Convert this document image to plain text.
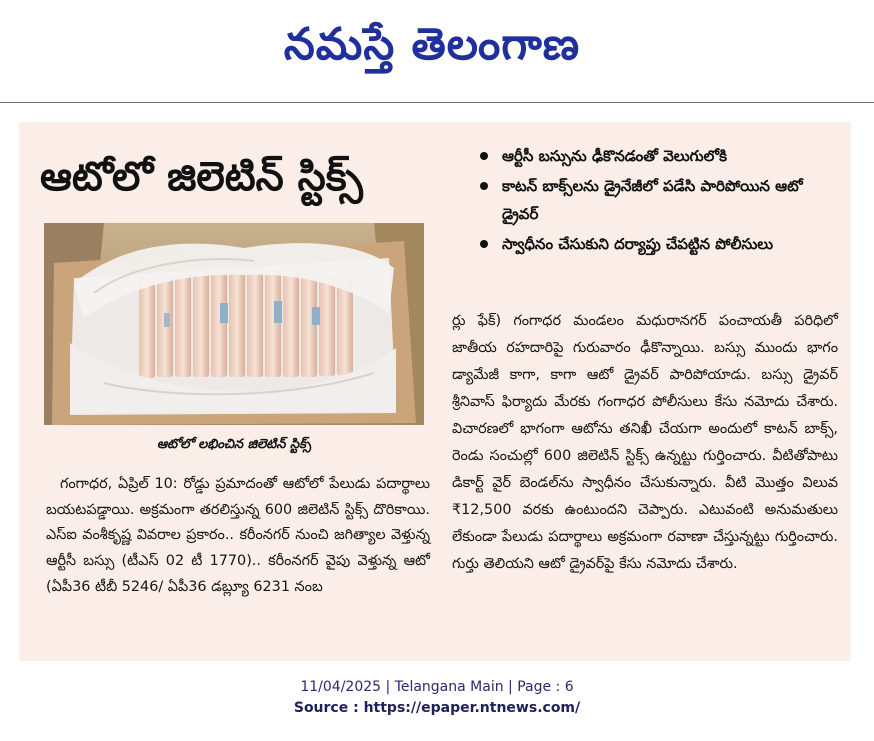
నమస్తే తెలంగాణ
ఆటోలో జిలెటిన్ స్టిక్స్
ఆటోలో లభించిన జిలెటిన్ స్టిక్స్
ఆర్టీసీ బస్సును ఢీకొనడంతో వెలుగులోకి
కాటన్ బాక్స్‌లను డ్రైనేజీలో పడేసి పారిపోయిన ఆటో డ్రైవర్
స్వాధీనం చేసుకుని దర్యాప్తు చేపట్టిన పోలీసులు

గంగాధర, ఏప్రిల్ 10: రోడ్డు ప్రమాదంతో ఆటోలో పేలుడు పదార్థాలు బయటపడ్డాయి. అక్రమంగా తరలిస్తున్న 600 జిలెటిన్ స్టిక్స్ దొరికాయి. ఎస్‌ఐ వంశీకృష్ణ వివరాల ప్రకారం.. కరీంనగర్ నుంచి జగిత్యాల వెళ్తున్న ఆర్టీసీ బస్సు (టీఎస్ 02 టీ 1770).. కరీంనగర్ వైపు వెళ్తున్న ఆటో (ఏపీ36 టీబీ 5246/ ఏపీ36 డబ్ల్యూ 6231 నంబ

ర్లు ఫేక్) గంగాధర మండలం మధురానగర్ పంచాయతీ పరిధిలో జాతీయ రహదారిపై గురువారం ఢీకొన్నాయి. బస్సు ముందు భాగం డ్యామేజీ కాగా, కాగా ఆటో డ్రైవర్ పారిపోయాడు. బస్సు డ్రైవర్ శ్రీనివాస్ ఫిర్యాదు మేరకు గంగాధర పోలీసులు కేసు నమోదు చేశారు. విచారణలో భాగంగా ఆటోను తనిఖీ చేయగా అందులో కాటన్ బాక్స్, రెండు సంచుల్లో 600 జిలెటిన్ స్టిక్స్ ఉన్నట్టు గుర్తించారు. వీటితోపాటు డికార్ట్ వైర్ బెండల్‌ను స్వాధీనం చేసుకున్నారు. వీటి మొత్తం విలువ ₹12,500 వరకు ఉంటుందని చెప్పారు. ఎటువంటి అనుమతులు లేకుండా పేలుడు పదార్థాలు అక్రమంగా రవాణా చేస్తున్నట్టు గుర్తించారు. గుర్తు తెలియని ఆటో డ్రైవర్‌పై కేసు నమోదు చేశారు.

11/04/2025 | Telangana Main | Page : 6
Source : https://epaper.ntnews.com/
